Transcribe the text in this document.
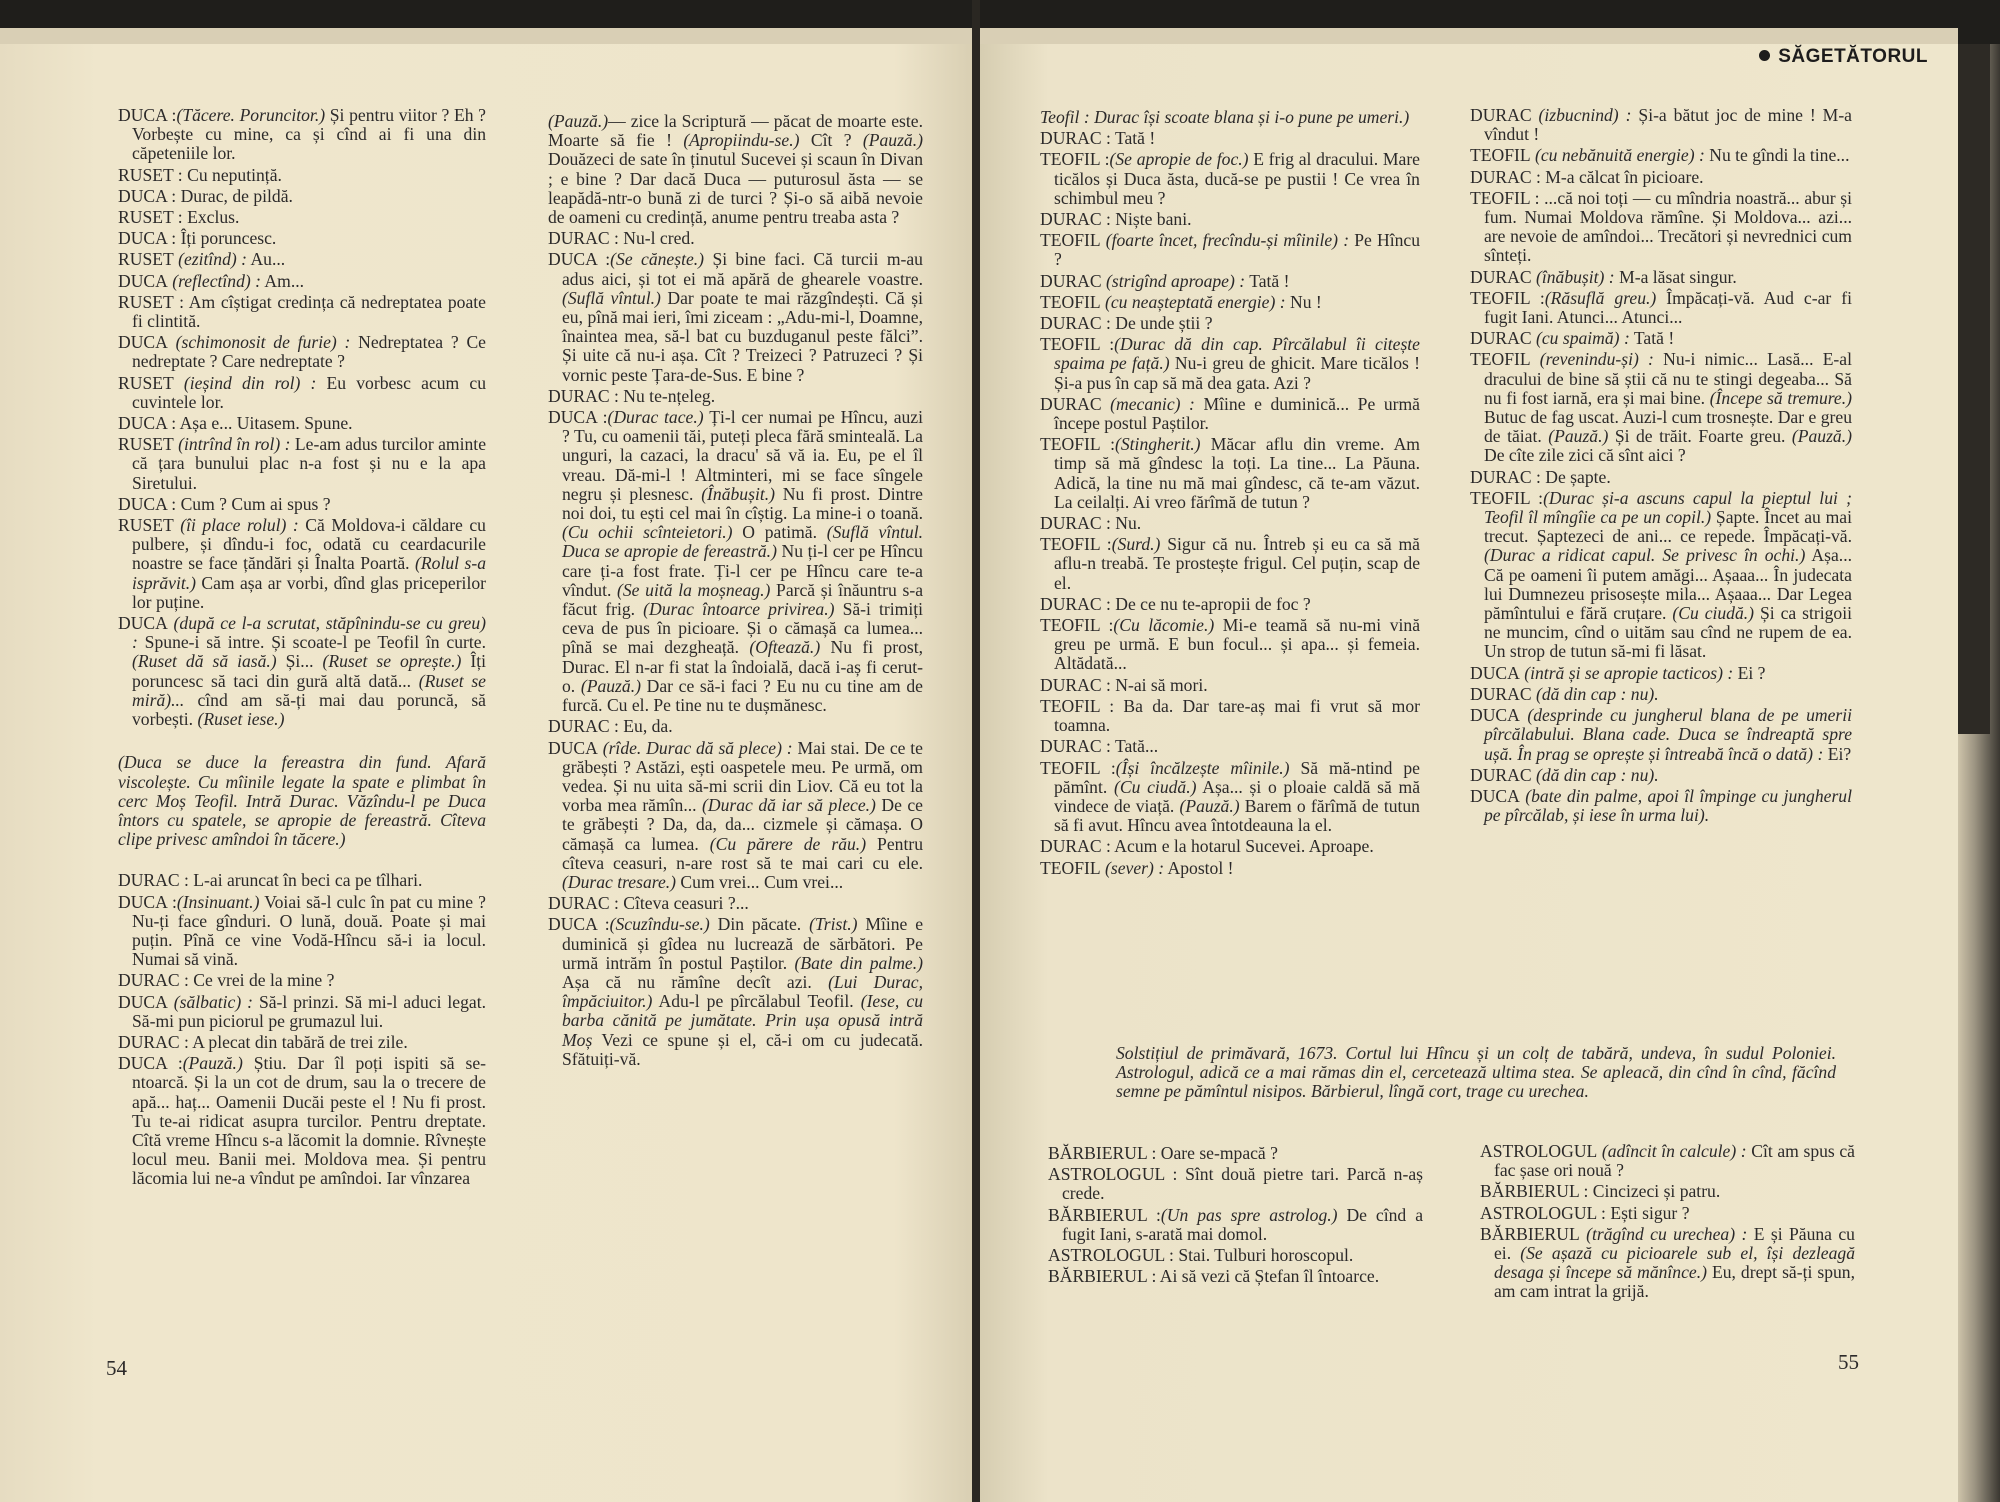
DUCA :(Tăcere. Poruncitor.) Și pentru viitor ? Eh ? Vorbește cu mine, ca și cînd ai fi una din căpeteniile lor.
RUSET : Cu neputință.
DUCA : Durac, de pildă.
RUSET : Exclus.
DUCA : Îți poruncesc.
RUSET (ezitînd) : Au...
DUCA (reflectînd) : Am...
RUSET : Am cîștigat credința că nedreptatea poate fi clintită.
DUCA (schimonosit de furie) : Nedreptatea ? Ce nedreptate ? Care nedreptate ?
RUSET (ieșind din rol) : Eu vorbesc acum cu cuvintele lor.
DUCA : Așa e... Uitasem. Spune.
RUSET (intrînd în rol) : Le-am adus turcilor aminte că țara bunului plac n-a fost și nu e la apa Siretului.
DUCA : Cum ? Cum ai spus ?
RUSET (îi place rolul) : Că Moldova-i căldare cu pulbere, și dîndu-i foc, odată cu ceardacurile noastre se face țăndări și Înalta Poartă. (Rolul s-a isprăvit.) Cam așa ar vorbi, dînd glas priceperilor lor puține.
DUCA (după ce l-a scrutat, stăpînindu-se cu greu) : Spune-i să intre. Și scoate-l pe Teofil în curte. (Ruset dă să iasă.) Și... (Ruset se oprește.) Îți poruncesc să taci din gură altă dată... (Ruset se miră)... cînd am să-ți mai dau poruncă, să vorbești. (Ruset iese.)
(Duca se duce la fereastra din fund. Afară viscolește. Cu mîinile legate la spate e plimbat în cerc Moș Teofil. Intră Durac. Văzîndu-l pe Duca întors cu spatele, se apropie de fereastră. Cîteva clipe privesc amîndoi în tăcere.)
DURAC : L-ai aruncat în beci ca pe tîlhari.
DUCA :(Insinuant.) Voiai să-l culc în pat cu mine ? Nu-ți face gînduri. O lună, două. Poate și mai puțin. Pînă ce vine Vodă-Hîncu să-i ia locul. Numai să vină.
DURAC : Ce vrei de la mine ?
DUCA (sălbatic) : Să-l prinzi. Să mi-l aduci legat. Să-mi pun piciorul pe grumazul lui.
DURAC : A plecat din tabără de trei zile.
DUCA :(Pauză.) Știu. Dar îl poți ispiti să se-ntoarcă. Și la un cot de drum, sau la o trecere de apă... haț... Oamenii Ducăi peste el ! Nu fi prost. Tu te-ai ridicat asupra turcilor. Pentru dreptate. Cîtă vreme Hîncu s-a lăcomit la domnie. Rîvnește locul meu. Banii mei. Moldova mea. Și pentru lăcomia lui ne-a vîndut pe amîndoi. Iar vînzarea
(Pauză.)— zice la Scriptură — păcat de moarte este. Moarte să fie ! (Apropiindu-se.) Cît ? (Pauză.) Douăzeci de sate în ținutul Sucevei și scaun în Divan ; e bine ? Dar dacă Duca — puturosul ăsta — se leapădă-ntr-o bună zi de turci ? Și-o să aibă nevoie de oameni cu credință, anume pentru treaba asta ?
DURAC : Nu-l cred.
DUCA :(Se cănește.) Și bine faci. Că turcii m-au adus aici, și tot ei mă apără de ghearele voastre. (Suflă vîntul.) Dar poate te mai răzgîndești. Că și eu, pînă mai ieri, îmi ziceam : „Adu-mi-l, Doamne, înaintea mea, să-l bat cu buzduganul peste fălci”. Și uite că nu-i așa. Cît ? Treizeci ? Patruzeci ? Și vornic peste Țara-de-Sus. E bine ?
DURAC : Nu te-nțeleg.
DUCA :(Durac tace.) Ți-l cer numai pe Hîncu, auzi ? Tu, cu oamenii tăi, puteți pleca fără sminteală. La unguri, la cazaci, la dracu' să vă ia. Eu, pe el îl vreau. Dă-mi-l ! Altminteri, mi se face sîngele negru și plesnesc. (Înăbușit.) Nu fi prost. Dintre noi doi, tu ești cel mai în cîștig. La mine-i o toană. (Cu ochii scînteietori.) O patimă. (Suflă vîntul. Duca se apropie de fereastră.) Nu ți-l cer pe Hîncu care ți-a fost frate. Ți-l cer pe Hîncu care te-a vîndut. (Se uită la moșneag.) Parcă și înăuntru s-a făcut frig. (Durac întoarce privirea.) Să-i trimiți ceva de pus în picioare. Și o cămașă ca lumea... pînă se mai dezgheață. (Oftează.) Nu fi prost, Durac. El n-ar fi stat la îndoială, dacă i-aș fi cerut-o. (Pauză.) Dar ce să-i faci ? Eu nu cu tine am de furcă. Cu el. Pe tine nu te dușmănesc.
DURAC : Eu, da.
DUCA (rîde. Durac dă să plece) : Mai stai. De ce te grăbești ? Astăzi, ești oaspetele meu. Pe urmă, om vedea. Și nu uita să-mi scrii din Liov. Că eu tot la vorba mea rămîn... (Durac dă iar să plece.) De ce te grăbești ? Da, da, da... cizmele și cămașa. O cămașă ca lumea. (Cu părere de rău.) Pentru cîteva ceasuri, n-are rost să te mai cari cu ele. (Durac tresare.) Cum vrei... Cum vrei...
DURAC : Cîteva ceasuri ?...
DUCA :(Scuzîndu-se.) Din păcate. (Trist.) Mîine e duminică și gîdea nu lucrează de sărbători. Pe urmă intrăm în postul Paștilor. (Bate din palme.) Așa că nu rămîne decît azi. (Lui Durac, împăciuitor.) Adu-l pe pîrcălabul Teofil. (Iese, cu barba cănită pe jumătate. Prin ușa opusă intră Moș Vezi ce spune și el, că-i om cu judecată. Sfătuiți-vă.
54
SĂGETĂTORUL
Teofil : Durac își scoate blana și i-o pune pe umeri.)
DURAC : Tată !
TEOFIL :(Se apropie de foc.) E frig al dracului. Mare ticălos și Duca ăsta, ducă-se pe pustii ! Ce vrea în schimbul meu ?
DURAC : Niște bani.
TEOFIL (foarte încet, frecîndu-și mîinile) : Pe Hîncu ?
DURAC (strigînd aproape) : Tată !
TEOFIL (cu neașteptată energie) : Nu !
DURAC : De unde știi ?
TEOFIL :(Durac dă din cap. Pîrcălabul îi citește spaima pe față.) Nu-i greu de ghicit. Mare ticălos ! Și-a pus în cap să mă dea gata. Azi ?
DURAC (mecanic) : Mîine e duminică... Pe urmă începe postul Paștilor.
TEOFIL :(Stingherit.) Măcar aflu din vreme. Am timp să mă gîndesc la toți. La tine... La Păuna. Adică, la tine nu mă mai gîndesc, că te-am văzut. La ceilalți. Ai vreo fărîmă de tutun ?
DURAC : Nu.
TEOFIL :(Surd.) Sigur că nu. Întreb și eu ca să mă aflu-n treabă. Te prostește frigul. Cel puțin, scap de el.
DURAC : De ce nu te-apropii de foc ?
TEOFIL :(Cu lăcomie.) Mi-e teamă să nu-mi vină greu pe urmă. E bun focul... și apa... și femeia. Altădată...
DURAC : N-ai să mori.
TEOFIL : Ba da. Dar tare-aș mai fi vrut să mor toamna.
DURAC : Tată...
TEOFIL :(Își încălzește mîinile.) Să mă-ntind pe pămînt. (Cu ciudă.) Așa... și o ploaie caldă să mă vindece de viață. (Pauză.) Barem o fărîmă de tutun să fi avut. Hîncu avea întotdeauna la el.
DURAC : Acum e la hotarul Sucevei. Aproape.
TEOFIL (sever) : Apostol !
DURAC (izbucnind) : Și-a bătut joc de mine ! M-a vîndut !
TEOFIL (cu nebănuită energie) : Nu te gîndi la tine...
DURAC : M-a călcat în picioare.
TEOFIL : ...că noi toți — cu mîndria noastră... abur și fum. Numai Moldova rămîne. Și Moldova... azi... are nevoie de amîndoi... Trecători și nevrednici cum sînteți.
DURAC (înăbușit) : M-a lăsat singur.
TEOFIL :(Răsuflă greu.) Împăcați-vă. Aud c-ar fi fugit Iani. Atunci... Atunci...
DURAC (cu spaimă) : Tată !
TEOFIL (revenindu-și) : Nu-i nimic... Lasă... E-al dracului de bine să știi că nu te stingi degeaba... Să nu fi fost iarnă, era și mai bine. (Începe să tremure.) Butuc de fag uscat. Auzi-l cum trosnește. Dar e greu de tăiat. (Pauză.) Și de trăit. Foarte greu. (Pauză.) De cîte zile zici că sînt aici ?
DURAC : De șapte.
TEOFIL :(Durac și-a ascuns capul la pieptul lui ; Teofil îl mîngîie ca pe un copil.) Șapte. Încet au mai trecut. Șaptezeci de ani... ce repede. Împăcați-vă. (Durac a ridicat capul. Se privesc în ochi.) Așa... Că pe oameni îi putem amăgi... Așaaa... În judecata lui Dumnezeu prisosește mila... Așaaa... Dar Legea pămîntului e fără cruțare. (Cu ciudă.) Și ca strigoii ne muncim, cînd o uităm sau cînd ne rupem de ea. Un strop de tutun să-mi fi lăsat.
DUCA (intră și se apropie tacticos) : Ei ?
DURAC (dă din cap : nu).
DUCA (desprinde cu jungherul blana de pe umerii pîrcălabului. Blana cade. Duca se îndreaptă spre ușă. În prag se oprește și întreabă încă o dată) : Ei?
DURAC (dă din cap : nu).
DUCA (bate din palme, apoi îl împinge cu jungherul pe pîrcălab, și iese în urma lui).
Solstițiul de primăvară, 1673. Cortul lui Hîncu și un colț de tabără, undeva, în sudul Poloniei. Astrologul, adică ce a mai rămas din el, cercetează ultima stea. Se apleacă, din cînd în cînd, făcînd semne pe pămîntul nisipos. Bărbierul, lîngă cort, trage cu urechea.
BĂRBIERUL : Oare se-mpacă ?
ASTROLOGUL : Sînt două pietre tari. Parcă n-aș crede.
BĂRBIERUL :(Un pas spre astrolog.) De cînd a fugit Iani, s-arată mai domol.
ASTROLOGUL : Stai. Tulburi horoscopul.
BĂRBIERUL : Ai să vezi că Ștefan îl întoarce.
ASTROLOGUL (adîncit în calcule) : Cît am spus că fac șase ori nouă ?
BĂRBIERUL : Cincizeci și patru.
ASTROLOGUL : Ești sigur ?
BĂRBIERUL (trăgînd cu urechea) : E și Păuna cu ei. (Se așază cu picioarele sub el, își dezleagă desaga și începe să mănînce.) Eu, drept să-ți spun, am cam intrat la grijă.
55
